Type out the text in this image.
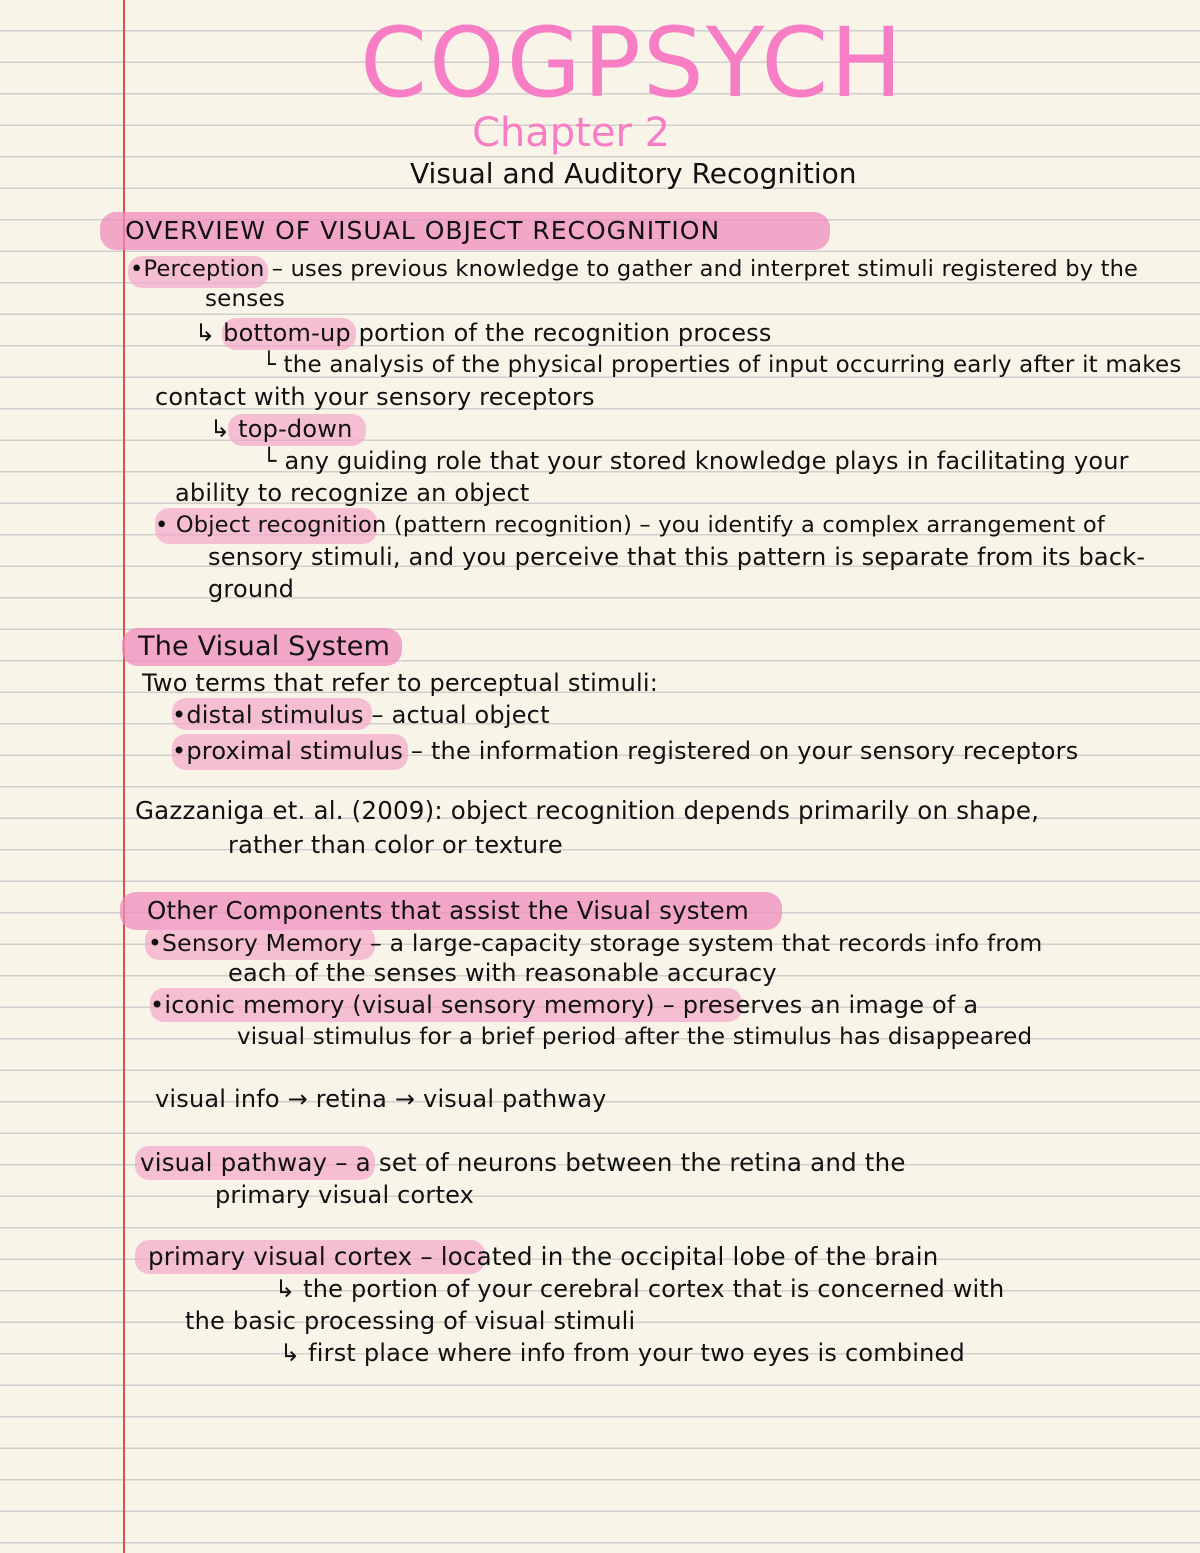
COGPSYCH
Chapter 2
Visual and Auditory Recognition
OVERVIEW OF VISUAL OBJECT RECOGNITION
•Perception – uses previous knowledge to gather and interpret stimuli registered by the
senses
↳ bottom-up portion of the recognition process
└ the analysis of the physical properties of input occurring early after it makes
contact with your sensory receptors
↳ top-down
└ any guiding role that your stored knowledge plays in facilitating your
ability to recognize an object
• Object recognition (pattern recognition) – you identify a complex arrangement of
sensory stimuli, and you perceive that this pattern is separate from its back-
ground
The Visual System
Two terms that refer to perceptual stimuli:
•distal stimulus – actual object
•proximal stimulus – the information registered on your sensory receptors
Gazzaniga et. al. (2009): object recognition depends primarily on shape,
rather than color or texture
Other Components that assist the Visual system
•Sensory Memory – a large-capacity storage system that records info from
each of the senses with reasonable accuracy
•iconic memory (visual sensory memory) – preserves an image of a
visual stimulus for a brief period after the stimulus has disappeared
visual info → retina → visual pathway
visual pathway – a set of neurons between the retina and the
primary visual cortex
primary visual cortex – located in the occipital lobe of the brain
↳ the portion of your cerebral cortex that is concerned with
the basic processing of visual stimuli
↳ first place where info from your two eyes is combined
